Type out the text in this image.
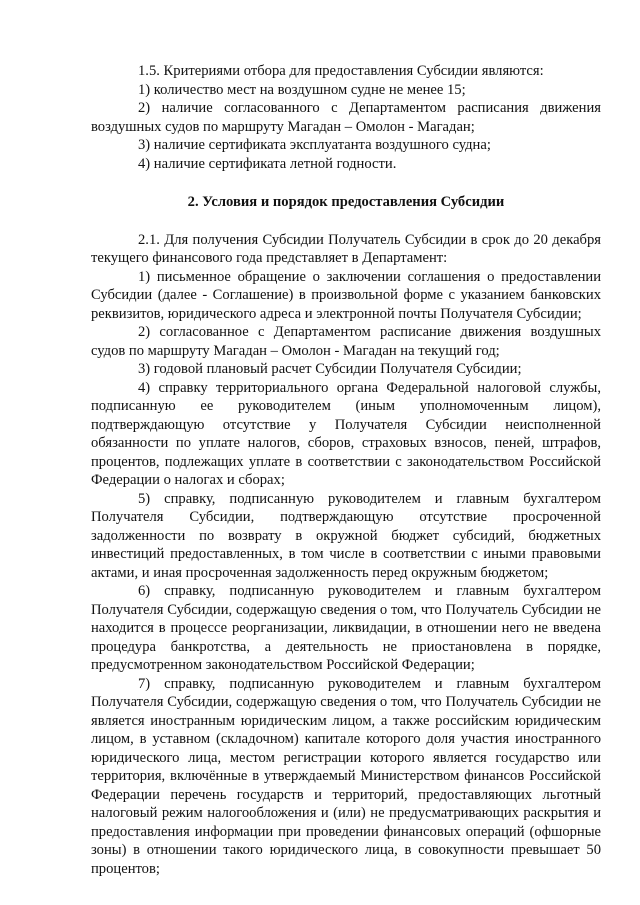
1.5. Критериями отбора для предоставления Субсидии являются:

1) количество мест на воздушном судне не менее 15;

2) наличие согласованного с Департаментом расписания движения воздушных судов по маршруту Магадан – Омолон - Магадан;

3) наличие сертификата эксплуатанта воздушного судна;

4) наличие сертификата летной годности.

2. Условия и порядок предоставления Субсидии

2.1. Для получения Субсидии Получатель Субсидии в срок до 20 декабря текущего финансового года представляет в Департамент:

1) письменное обращение о заключении соглашения о предоставлении Субсидии (далее - Соглашение) в произвольной форме с указанием банковских реквизитов, юридического адреса и электронной почты Получателя Субсидии;

2) согласованное с Департаментом расписание движения воздушных судов по маршруту Магадан – Омолон - Магадан на текущий год;

3) годовой плановый расчет Субсидии Получателя Субсидии;

4) справку территориального органа Федеральной налоговой службы, подписанную ее руководителем (иным уполномоченным лицом), подтверждающую отсутствие у Получателя Субсидии неисполненной обязанности по уплате налогов, сборов, страховых взносов, пеней, штрафов, процентов, подлежащих уплате в соответствии с законодательством Российской Федерации о налогах и сборах;

5) справку, подписанную руководителем и главным бухгалтером Получателя Субсидии, подтверждающую отсутствие просроченной задолженности по возврату в окружной бюджет субсидий, бюджетных инвестиций предоставленных, в том числе в соответствии с иными правовыми актами, и иная просроченная задолженность перед окружным бюджетом;

6) справку, подписанную руководителем и главным бухгалтером Получателя Субсидии, содержащую сведения о том, что Получатель Субсидии не находится в процессе реорганизации, ликвидации, в отношении него не введена процедура банкротства, а деятельность не приостановлена в порядке, предусмотренном законодательством Российской Федерации;

7) справку, подписанную руководителем и главным бухгалтером Получателя Субсидии, содержащую сведения о том, что Получатель Субсидии не является иностранным юридическим лицом, а также российским юридическим лицом, в уставном (складочном) капитале которого доля участия иностранного юридического лица, местом регистрации которого является государство или территория, включённые в утверждаемый Министерством финансов Российской Федерации перечень государств и территорий, предоставляющих льготный налоговый режим налогообложения и (или) не предусматривающих раскрытия и предоставления информации при проведении финансовых операций (офшорные зоны) в отношении такого юридического лица, в совокупности превышает 50 процентов;
